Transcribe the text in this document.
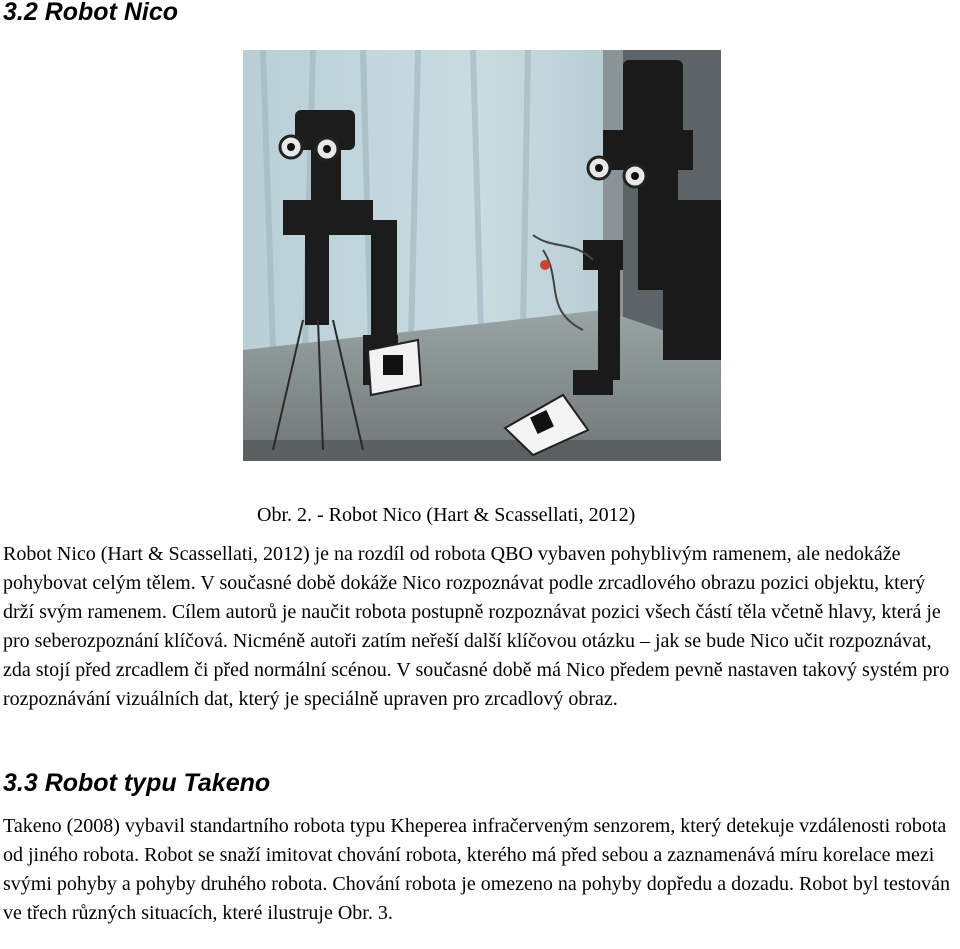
3.2 Robot Nico
Obr. 2. - Robot Nico (Hart & Scassellati, 2012)

Robot Nico (Hart & Scassellati, 2012) je na rozdíl od robota QBO vybaven pohyblivým ramenem, ale nedokáže pohybovat celým tělem. V současné době dokáže Nico rozpoznávat podle zrcadlového obrazu pozici objektu, který drží svým ramenem. Cílem autorů je naučit robota postupně rozpoznávat pozici všech částí těla včetně hlavy, která je pro seberozpoznání klíčová. Nicméně autoři zatím neřeší další klíčovou otázku – jak se bude Nico učit rozpoznávat, zda stojí před zrcadlem či před normální scénou. V současné době má Nico předem pevně nastaven takový systém pro rozpoznávání vizuálních dat, který je speciálně upraven pro zrcadlový obraz.

3.3 Robot typu Takeno

Takeno (2008) vybavil standartního robota typu Kheperea infračerveným senzorem, který detekuje vzdálenosti robota od jiného robota. Robot se snaží imitovat chování robota, kterého má před sebou a zaznamenává míru korelace mezi svými pohyby a pohyby druhého robota. Chování robota je omezeno na pohyby dopředu a dozadu. Robot byl testován ve třech různých situacích, které ilustruje Obr. 3.
